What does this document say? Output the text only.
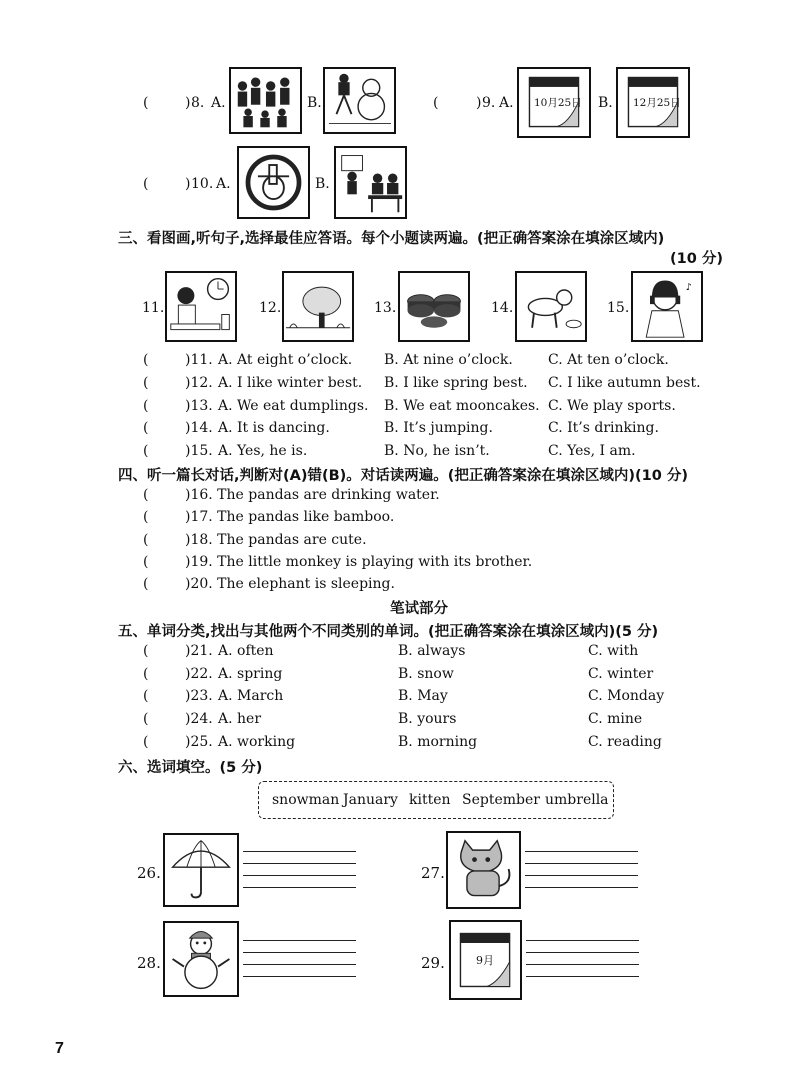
(	) 8. A.	B.	(	) 9. A. 10月25日 B. 12月25日
(	) 10. A.	B.
三、看图画,听句子,选择最佳应答语。每个小题读两遍。(把正确答案涂在填涂区域内)
(10 分)
11.	12.	13.	14.	15.
♪
(	)11. A. At eight o’clock. B. At nine o’clock.	C. At ten o’clock.
(	)12. A. I like winter best. B. I like spring best. C. I like autumn best.
(	)13. A. We eat dumplings. B. We eat mooncakes. C. We play sports.
(	)14. A. It is dancing.	B. It’s jumping.	C. It’s drinking.
(	)15. A. Yes, he is.	B. No, he isn’t.	C. Yes, I am.
四、听一篇长对话,判断对(A)错(B)。对话读两遍。(把正确答案涂在填涂区域内)(10 分)
(	)16. The pandas are drinking water.
(	)17. The pandas like bamboo.
(	)18. The pandas are cute.
(	)19. The little monkey is playing with its brother.
(	)20. The elephant is sleeping.
笔试部分
五、单词分类,找出与其他两个不同类别的单词。(把正确答案涂在填涂区域内)(5 分)
(	)21. A. often	B. always	C. with
(	)22. A. spring	B. snow	C. winter
(	)23. A. March	B. May	C. Monday
(	)24. A. her	B. yours	C. mine
(	)25. A. working	B. morning	C. reading
六、选词填空。(5 分)
snowman January kitten September umbrella
26.	27.
28.	29.	9月
7
